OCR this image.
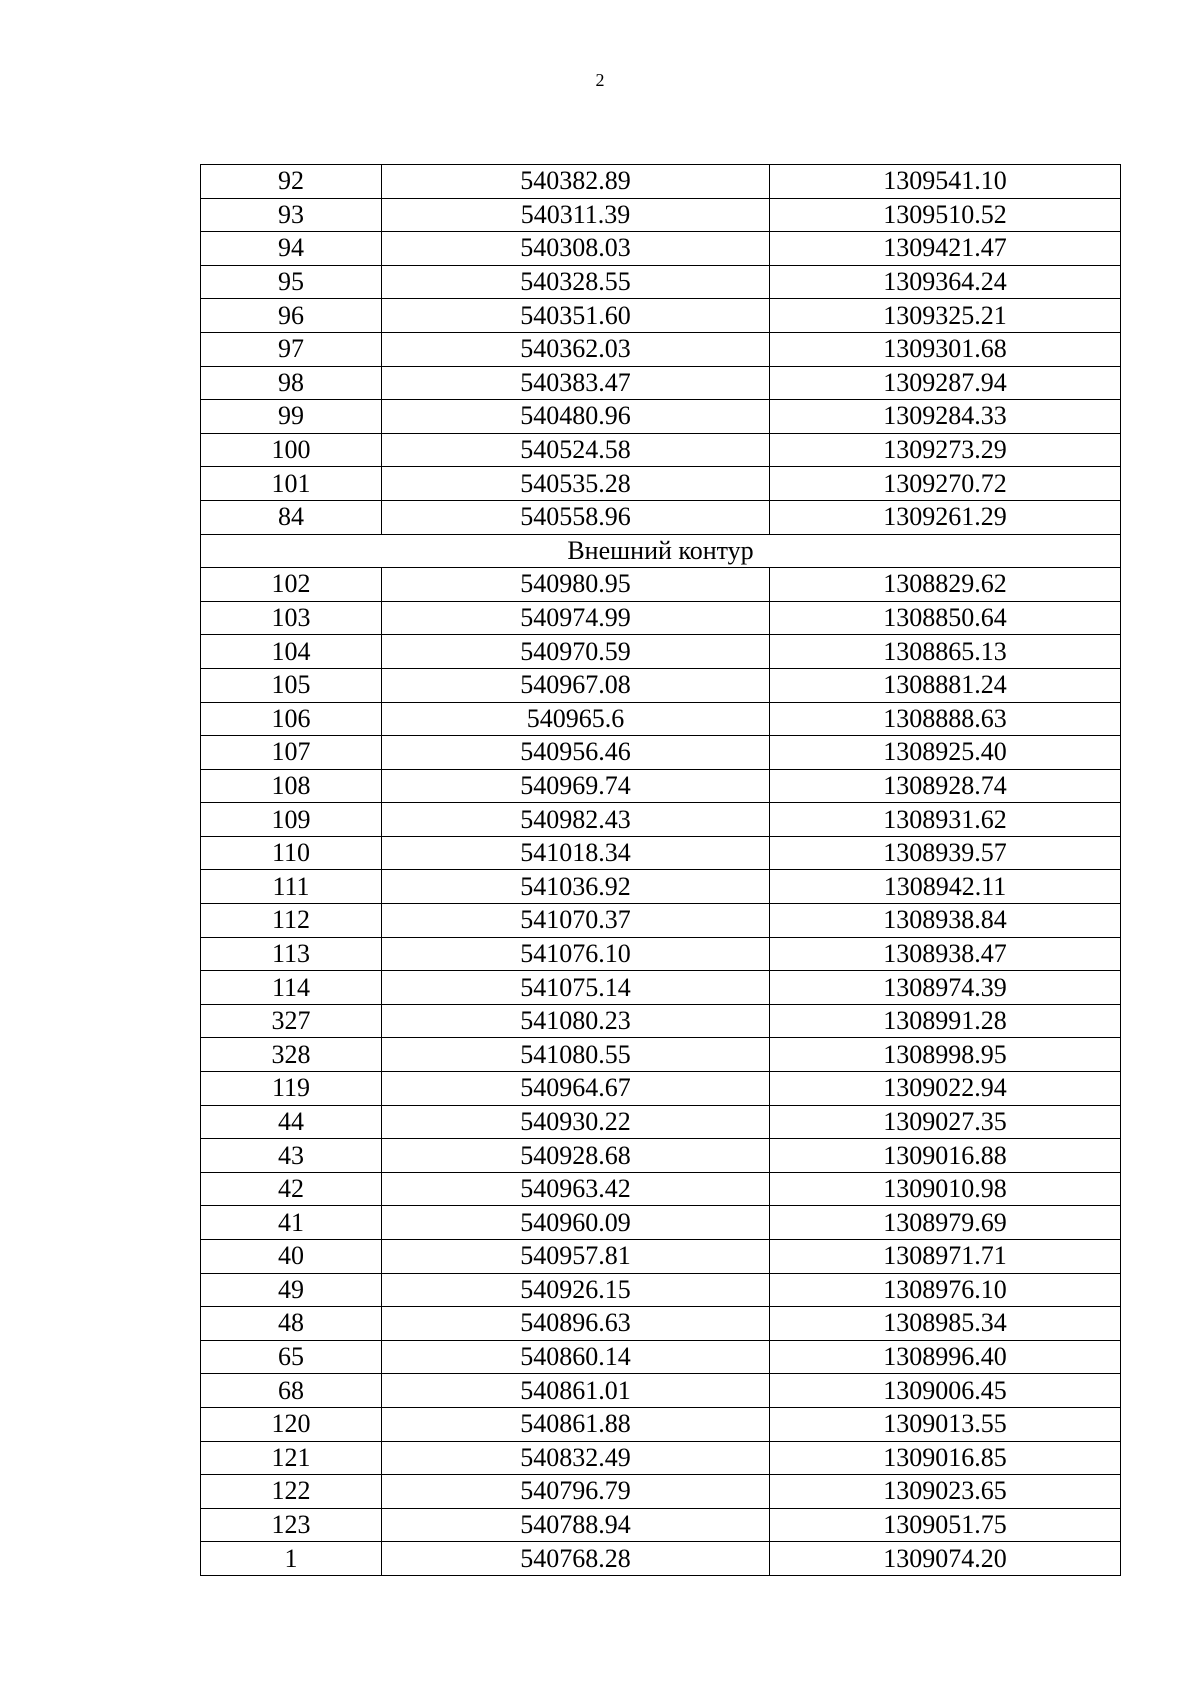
2
92	540382.89	1309541.10
93	540311.39	1309510.52
94	540308.03	1309421.47
95	540328.55	1309364.24
96	540351.60	1309325.21
97	540362.03	1309301.68
98	540383.47	1309287.94
99	540480.96	1309284.33
100	540524.58	1309273.29
101	540535.28	1309270.72
84	540558.96	1309261.29
Внешний контур		
102	540980.95	1308829.62
103	540974.99	1308850.64
104	540970.59	1308865.13
105	540967.08	1308881.24
106	540965.6	1308888.63
107	540956.46	1308925.40
108	540969.74	1308928.74
109	540982.43	1308931.62
110	541018.34	1308939.57
111	541036.92	1308942.11
112	541070.37	1308938.84
113	541076.10	1308938.47
114	541075.14	1308974.39
327	541080.23	1308991.28
328	541080.55	1308998.95
119	540964.67	1309022.94
44	540930.22	1309027.35
43	540928.68	1309016.88
42	540963.42	1309010.98
41	540960.09	1308979.69
40	540957.81	1308971.71
49	540926.15	1308976.10
48	540896.63	1308985.34
65	540860.14	1308996.40
68	540861.01	1309006.45
120	540861.88	1309013.55
121	540832.49	1309016.85
122	540796.79	1309023.65
123	540788.94	1309051.75
1	540768.28	1309074.20
